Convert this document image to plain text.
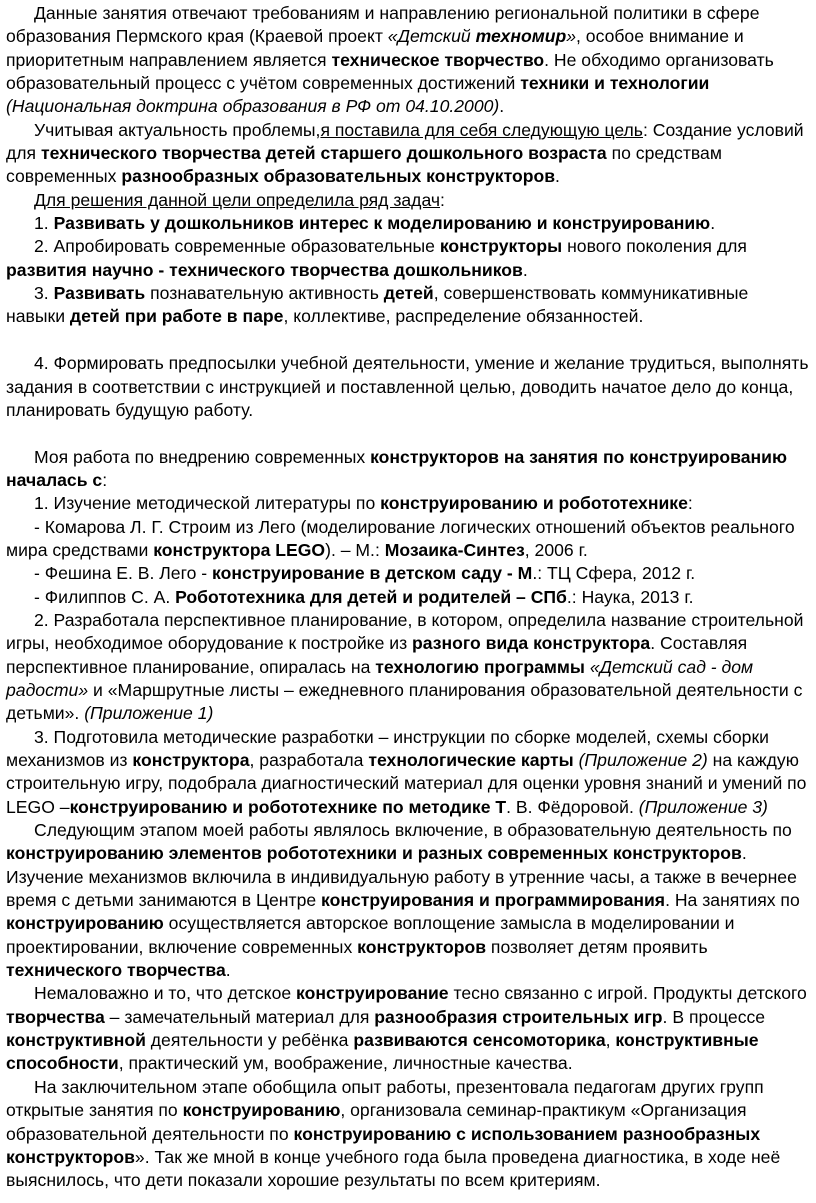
Данные занятия отвечают требованиям и направлению региональной политики в сфере образования Пермского края (Краевой проект «Детский техномир», особое внимание и приоритетным направлением является техническое творчество. Не обходимо организовать образовательный процесс с учётом современных достижений техники и технологии (Национальная доктрина образования в РФ от 04.10.2000).

Учитывая актуальность проблемы,я поставила для себя следующую цель: Создание условий для технического творчества детей старшего дошкольного возраста по средствам современных разнообразных образовательных конструкторов.

Для решения данной цели определила ряд задач:

1. Развивать у дошкольников интерес к моделированию и конструированию.

2. Апробировать современные образовательные конструкторы нового поколения для развития научно - технического творчества дошкольников.

3. Развивать познавательную активность детей, совершенствовать коммуникативные навыки детей при работе в паре, коллективе, распределение обязанностей.

4. Формировать предпосылки учебной деятельности, умение и желание трудиться, выполнять задания в соответствии с инструкцией и поставленной целью, доводить начатое дело до конца, планировать будущую работу.

Моя работа по внедрению современных конструкторов на занятия по конструированию началась с:

1. Изучение методической литературы по конструированию и робототехнике:

- Комарова Л. Г. Строим из Лего (моделирование логических отношений объектов реального мира средствами конструктора LEGO). – М.: Мозаика-Синтез, 2006 г.

- Фешина Е. В. Лего - конструирование в детском саду - М.: ТЦ Сфера, 2012 г.

- Филиппов С. А. Робототехника для детей и родителей – СПб.: Наука, 2013 г.

2. Разработала перспективное планирование, в котором, определила название строительной игры, необходимое оборудование к постройке из разного вида конструктора. Составляя перспективное планирование, опиралась на технологию программы «Детский сад - дом радости» и «Маршрутные листы – ежедневного планирования образовательной деятельности с детьми». (Приложение 1)

3. Подготовила методические разработки – инструкции по сборке моделей, схемы сборки механизмов из конструктора, разработала технологические карты (Приложение 2) на каждую строительную игру, подобрала диагностический материал для оценки уровня знаний и умений по LEGO –конструированию и робототехнике по методике Т. В. Фёдоровой. (Приложение 3)

Следующим этапом моей работы являлось включение, в образовательную деятельность по конструированию элементов робототехники и разных современных конструкторов. Изучение механизмов включила в индивидуальную работу в утренние часы, а также в вечернее время с детьми занимаются в Центре конструирования и программирования. На занятиях по конструированию осуществляется авторское воплощение замысла в моделировании и проектировании, включение современных конструкторов позволяет детям проявить технического творчества.

Немаловажно и то, что детское конструирование тесно связанно с игрой. Продукты детского творчества – замечательный материал для разнообразия строительных игр. В процессе конструктивной деятельности у ребёнка развиваются сенсомоторика, конструктивные способности, практический ум, воображение, личностные качества.

На заключительном этапе обобщила опыт работы, презентовала педагогам других групп открытые занятия по конструированию, организовала семинар-практикум «Организация образовательной деятельности по конструированию с использованием разнообразных конструкторов». Так же мной в конце учебного года была проведена диагностика, в ходе неё выяснилось, что дети показали хорошие результаты по всем критериям.
